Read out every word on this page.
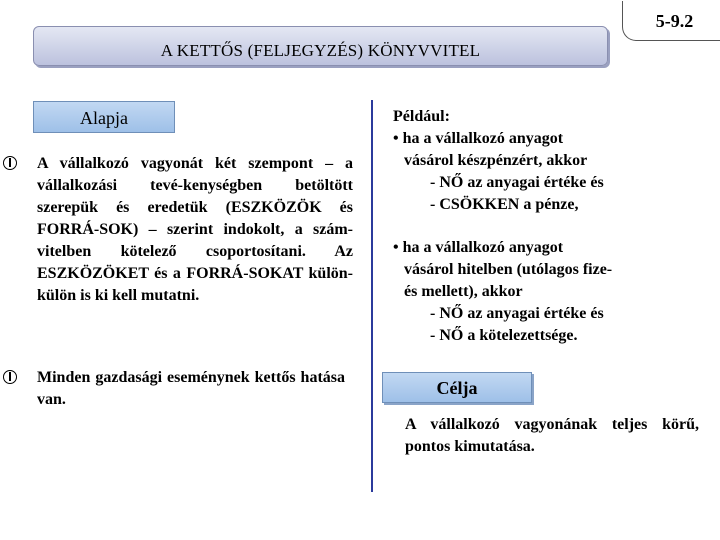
A KETTŐS (FELJEGYZÉS) KÖNYVVITEL
5-9.2
Alapja
A vállalkozó vagyonát két szempont – a vállalkozási tevé-kenységben betöltött szerepük és eredetük (ESZKÖZÖK és FORRÁ-SOK) – szerint indokolt, a szám-vitelben kötelező csoportosítani. Az ESZKÖZÖKET és a FORRÁ-SOKAT külön-külön is ki kell mutatni.
Minden gazdasági eseménynek kettős hatása van.
Például:
• ha a vállalkozó anyagot
vásárol készpénzért, akkor
- NŐ az anyagai értéke és
- CSÖKKEN a pénze,
• ha a vállalkozó anyagot
vásárol hitelben (utólagos fize-
és mellett), akkor
- NŐ az anyagai értéke és
- NŐ a kötelezettsége.
Célja
A vállalkozó vagyonának teljes körű, pontos kimutatása.
